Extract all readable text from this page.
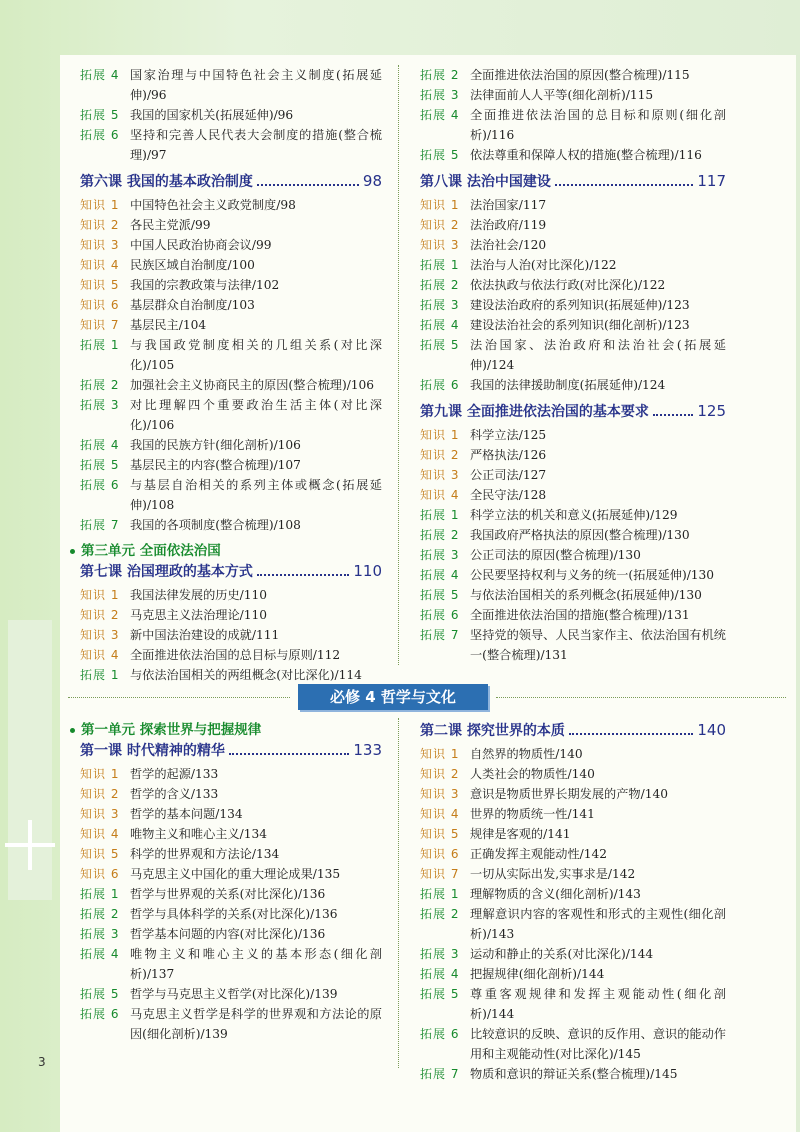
拓展 4 国家治理与中国特色社会主义制度(拓展延伸)/96
拓展 5 我国的国家机关(拓展延伸)/96
拓展 6 坚持和完善人民代表大会制度的措施(整合梳理)/97
第六课 我国的基本政治制度	98
知识 1 中国特色社会主义政党制度/98
知识 2 各民主党派/99
知识 3 中国人民政治协商会议/99
知识 4 民族区域自治制度/100
知识 5 我国的宗教政策与法律/102
知识 6 基层群众自治制度/103
知识 7 基层民主/104
拓展 1 与我国政党制度相关的几组关系(对比深化)/105
拓展 2 加强社会主义协商民主的原因(整合梳理)/106
拓展 3 对比理解四个重要政治生活主体(对比深化)/106
拓展 4 我国的民族方针(细化剖析)/106
拓展 5 基层民主的内容(整合梳理)/107
拓展 6 与基层自治相关的系列主体或概念(拓展延伸)/108
拓展 7 我国的各项制度(整合梳理)/108
第三单元 全面依法治国
第七课 治国理政的基本方式	110
知识 1 我国法律发展的历史/110
知识 2 马克思主义法治理论/110
知识 3 新中国法治建设的成就/111
知识 4 全面推进依法治国的总目标与原则/112
拓展 1 与依法治国相关的两组概念(对比深化)/114
拓展 2 全面推进依法治国的原因(整合梳理)/115
拓展 3 法律面前人人平等(细化剖析)/115
拓展 4 全面推进依法治国的总目标和原则(细化剖析)/116
拓展 5 依法尊重和保障人权的措施(整合梳理)/116
第八课 法治中国建设	117
知识 1 法治国家/117
知识 2 法治政府/119
知识 3 法治社会/120
拓展 1 法治与人治(对比深化)/122
拓展 2 依法执政与依法行政(对比深化)/122
拓展 3 建设法治政府的系列知识(拓展延伸)/123
拓展 4 建设法治社会的系列知识(细化剖析)/123
拓展 5 法治国家、法治政府和法治社会(拓展延伸)/124
拓展 6 我国的法律援助制度(拓展延伸)/124
第九课 全面推进依法治国的基本要求	125
知识 1 科学立法/125
知识 2 严格执法/126
知识 3 公正司法/127
知识 4 全民守法/128
拓展 1 科学立法的机关和意义(拓展延伸)/129
拓展 2 我国政府严格执法的原因(整合梳理)/130
拓展 3 公正司法的原因(整合梳理)/130
拓展 4 公民要坚持权利与义务的统一(拓展延伸)/130
拓展 5 与依法治国相关的系列概念(拓展延伸)/130
拓展 6 全面推进依法治国的措施(整合梳理)/131
拓展 7 坚持党的领导、人民当家作主、依法治国有机统一(整合梳理)/131
必修 4 哲学与文化
第一单元 探索世界与把握规律
第一课 时代精神的精华	133
知识 1 哲学的起源/133
知识 2 哲学的含义/133
知识 3 哲学的基本问题/134
知识 4 唯物主义和唯心主义/134
知识 5 科学的世界观和方法论/134
知识 6 马克思主义中国化的重大理论成果/135
拓展 1 哲学与世界观的关系(对比深化)/136
拓展 2 哲学与具体科学的关系(对比深化)/136
拓展 3 哲学基本问题的内容(对比深化)/136
拓展 4 唯物主义和唯心主义的基本形态(细化剖析)/137
拓展 5 哲学与马克思主义哲学(对比深化)/139
拓展 6 马克思主义哲学是科学的世界观和方法论的原因(细化剖析)/139
第二课 探究世界的本质	140
知识 1 自然界的物质性/140
知识 2 人类社会的物质性/140
知识 3 意识是物质世界长期发展的产物/140
知识 4 世界的物质统一性/141
知识 5 规律是客观的/141
知识 6 正确发挥主观能动性/142
知识 7 一切从实际出发,实事求是/142
拓展 1 理解物质的含义(细化剖析)/143
拓展 2 理解意识内容的客观性和形式的主观性(细化剖析)/143
拓展 3 运动和静止的关系(对比深化)/144
拓展 4 把握规律(细化剖析)/144
拓展 5 尊重客观规律和发挥主观能动性(细化剖析)/144
拓展 6 比较意识的反映、意识的反作用、意识的能动作用和主观能动性(对比深化)/145
拓展 7 物质和意识的辩证关系(整合梳理)/145
3
